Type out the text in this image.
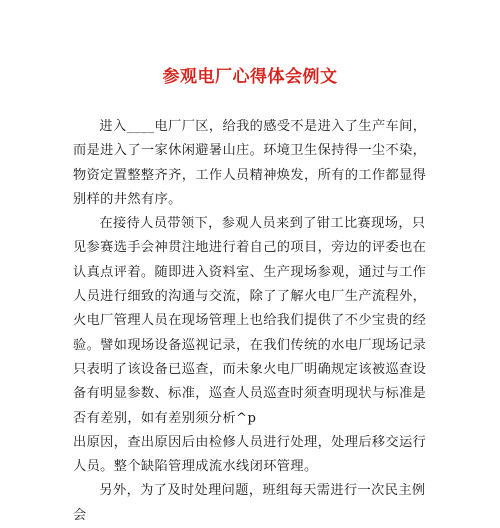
参观电厂心得体会例文

进入____电厂厂区，给我的感受不是进入了生产车间，而是进入了一家休闲避暑山庄。环境卫生保持得一尘不染，物资定置整整齐齐，工作人员精神焕发，所有的工作都显得别样的井然有序。

在接待人员带领下，参观人员来到了钳工比赛现场，只见参赛选手会神贯注地进行着自己的项目，旁边的评委也在认真点评着。随即进入资料室、生产现场参观，通过与工作人员进行细致的沟通与交流，除了了解火电厂生产流程外，火电厂管理人员在现场管理上也给我们提供了不少宝贵的经验。譬如现场设备巡视记录，在我们传统的水电厂现场记录只表明了该设备已巡查，而未象火电厂明确规定该被巡查设备有明显参数、标准，巡查人员巡查时须查明现状与标准是否有差别，如有差别须分析^p

出原因，查出原因后由检修人员进行处理，处理后移交运行人员。整个缺陷管理成流水线闭环管理。

另外，为了及时处理问题，班组每天需进行一次民主例会
